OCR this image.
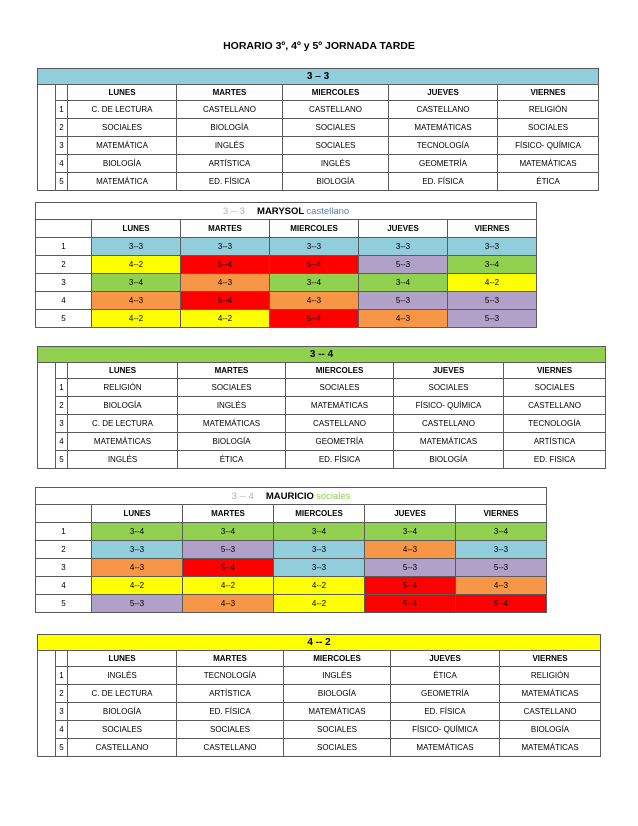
HORARIO 3º, 4º y 5º JORNADA TARDE
3 – 3						
		LUNES	MARTES	MIERCOLES	JUEVES	VIERNES
	1	C. DE LECTURA	CASTELLANO	CASTELLANO	CASTELLANO	RELIGIÓN
	2	SOCIALES	BIOLOGÍA	SOCIALES	MATEMÁTICAS	SOCIALES
	3	MATEMÁTICA	INGLÉS	SOCIALES	TECNOLOGÍA	FÍSICO- QUÍMICA
	4	BIOLOGÍA	ARTÍSTICA	INGLÉS	GEOMETRÍA	MATEMÁTICAS
	5	MATEMÁTICA	ED. FÍSICA	BIOLOGÍA	ED. FÍSICA	ÉTICA
3 -- 3 MARYSOL castellano					
	LUNES	MARTES	MIERCOLES	JUEVES	VIERNES
1	3--3	3--3	3--3	3--3	3--3
2	4--2	5--4	5--4	5--3	3--4
3	3--4	4--3	3--4	3--4	4--2
4	4--3	5--4	4--3	5--3	5--3
5	4--2	4--2	5--4	4--3	5--3
3 -- 4						
		LUNES	MARTES	MIERCOLES	JUEVES	VIERNES
	1	RELIGIÓN	SOCIALES	SOCIALES	SOCIALES	SOCIALES
	2	BIOLOGÍA	INGLÉS	MATEMÁTICAS	FÍSICO- QUÍMICA	CASTELLANO
	3	C. DE LECTURA	MATEMÁTICAS	CASTELLANO	CASTELLANO	TECNOLOGÍA
	4	MATEMÁTICAS	BIOLOGÍA	GEOMETRÍA	MATEMÁTICAS	ARTÍSTICA
	5	INGLÉS	ÉTICA	ED. FÍSICA	BIOLOGÍA	ED. FISICA
3 -- 4 MAURICIO sociales					
	LUNES	MARTES	MIERCOLES	JUEVES	VIERNES
1	3--4	3--4	3--4	3--4	3--4
2	3--3	5--3	3--3	4--3	3--3
3	4--3	5--4	3--3	5--3	5--3
4	4--2	4--2	4--2	5--4	4--3
5	5--3	4--3	4--2	5--4	5--4
4 -- 2						
		LUNES	MARTES	MIERCOLES	JUEVES	VIERNES
	1	INGLÉS	TECNOLOGÍA	INGLÉS	ÉTICA	RELIGIÓN
	2	C. DE LECTURA	ARTÍSTICA	BIOLOGÍA	GEOMETRÍA	MATEMÁTICAS
	3	BIOLOGÍA	ED. FÍSICA	MATEMÁTICAS	ED. FÍSICA	CASTELLANO
	4	SOCIALES	SOCIALES	SOCIALES	FÍSICO- QUÍMICA	BIOLOGÍA
	5	CASTELLANO	CASTELLANO	SOCIALES	MATEMÁTICAS	MATEMÁTICAS
